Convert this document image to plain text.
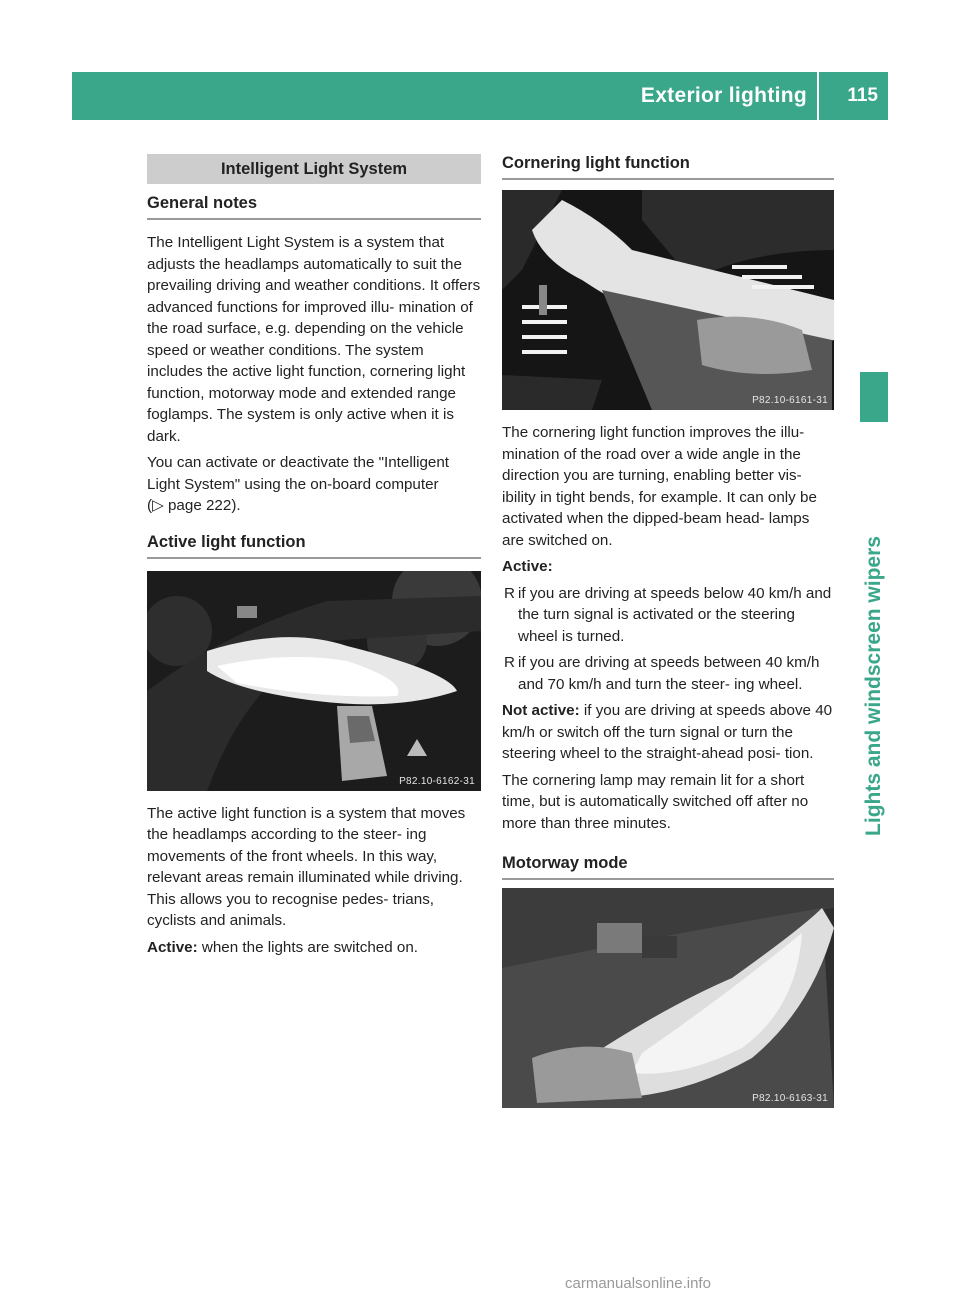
Exterior lighting	115
Lights and windscreen wipers
Intelligent Light System
General notes

The Intelligent Light System is a system that adjusts the headlamps automatically to suit the prevailing driving and weather conditions. It offers advanced functions for improved illu- mination of the road surface, e.g. depending on the vehicle speed or weather conditions. The system includes the active light function, cornering light function, motorway mode and extended range foglamps. The system is only active when it is dark.

You can activate or deactivate the "Intelligent Light System" using the on-board computer
(▷ page 222).

Active light function
P82.10-6162-31

The active light function is a system that moves the headlamps according to the steer- ing movements of the front wheels. In this way, relevant areas remain illuminated while driving. This allows you to recognise pedes- trians, cyclists and animals.

Active: when the lights are switched on.

Cornering light function
P82.10-6161-31

The cornering light function improves the illu- mination of the road over a wide angle in the direction you are turning, enabling better vis- ibility in tight bends, for example. It can only be activated when the dipped-beam head- lamps are switched on.

Active:

R if you are driving at speeds below 40 km/h and the turn signal is activated or the steering wheel is turned.

R if you are driving at speeds between 40 km/h and 70 km/h and turn the steer- ing wheel.

Not active: if you are driving at speeds above 40 km/h or switch off the turn signal or turn the steering wheel to the straight-ahead posi- tion.

The cornering lamp may remain lit for a short time, but is automatically switched off after no more than three minutes.

Motorway mode
P82.10-6163-31
carmanualsonline.info
